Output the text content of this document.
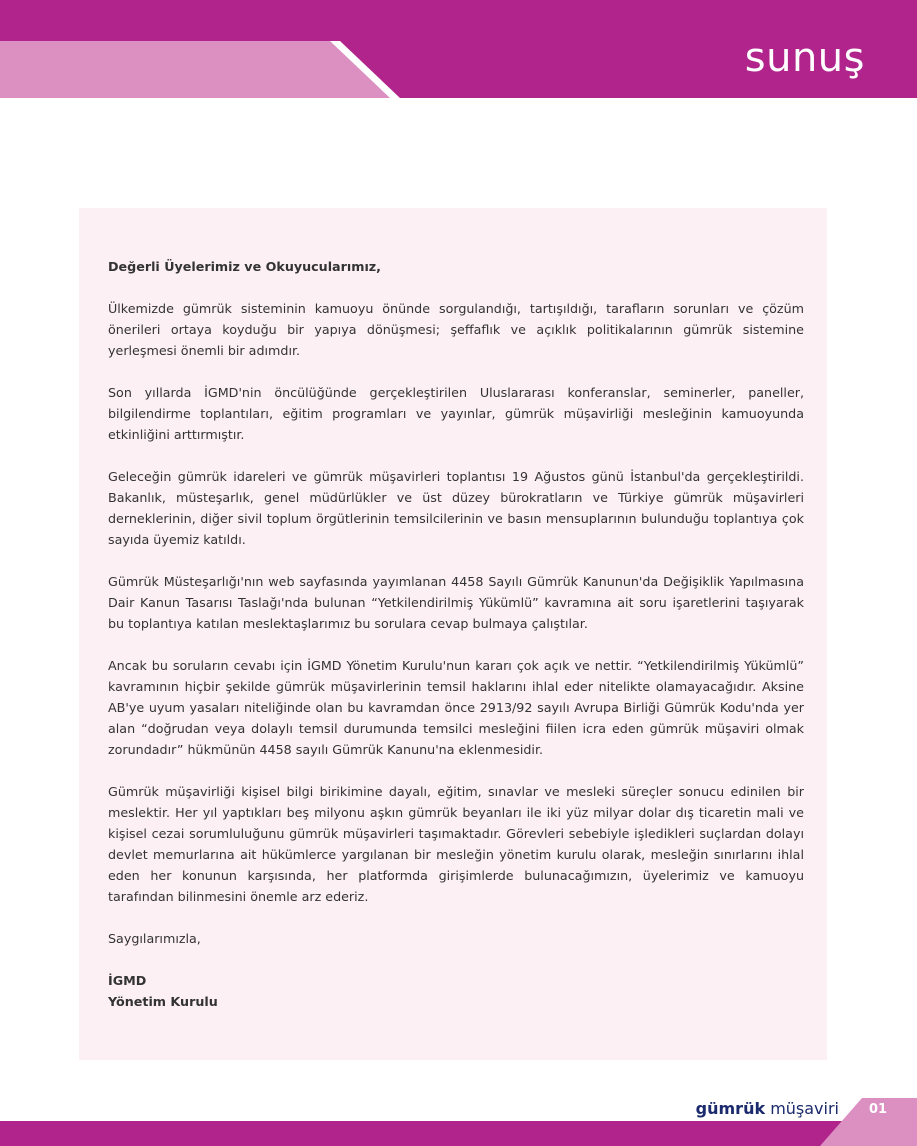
sunuş

Değerli Üyelerimiz ve Okuyucularımız,

Ülkemizde gümrük sisteminin kamuoyu önünde sorgulandığı, tartışıldığı, tarafların sorunları ve çözüm önerileri ortaya koyduğu bir yapıya dönüşmesi; şeffaflık ve açıklık politikalarının gümrük sistemine yerleşmesi önemli bir adımdır.

Son yıllarda İGMD'nin öncülüğünde gerçekleştirilen Uluslararası konferanslar, seminerler, paneller, bilgilendirme toplantıları, eğitim programları ve yayınlar, gümrük müşavirliği mesleğinin kamuoyunda etkinliğini arttırmıştır.

Geleceğin gümrük idareleri ve gümrük müşavirleri toplantısı 19 Ağustos günü İstanbul'da gerçekleştirildi. Bakanlık, müsteşarlık, genel müdürlükler ve üst düzey bürokratların ve Türkiye gümrük müşavirleri derneklerinin, diğer sivil toplum örgütlerinin temsilcilerinin ve basın mensuplarının bulunduğu toplantıya çok sayıda üyemiz katıldı.

Gümrük Müsteşarlığı'nın web sayfasında yayımlanan 4458 Sayılı Gümrük Kanunun'da Değişiklik Yapılmasına Dair Kanun Tasarısı Taslağı'nda bulunan “Yetkilendirilmiş Yükümlü” kavramına ait soru işaretlerini taşıyarak bu toplantıya katılan meslektaşlarımız bu sorulara cevap bulmaya çalıştılar.

Ancak bu soruların cevabı için İGMD Yönetim Kurulu'nun kararı çok açık ve nettir. “Yetkilendirilmiş Yükümlü” kavramının hiçbir şekilde gümrük müşavirlerinin temsil haklarını ihlal eder nitelikte olamayacağıdır. Aksine AB'ye uyum yasaları niteliğinde olan bu kavramdan önce 2913/92 sayılı Avrupa Birliği Gümrük Kodu'nda yer alan “doğrudan veya dolaylı temsil durumunda temsilci mesleğini fiilen icra eden gümrük müşaviri olmak zorundadır” hükmünün 4458 sayılı Gümrük Kanunu'na eklenmesidir.

Gümrük müşavirliği kişisel bilgi birikimine dayalı, eğitim, sınavlar ve mesleki süreçler sonucu edinilen bir meslektir. Her yıl yaptıkları beş milyonu aşkın gümrük beyanları ile iki yüz milyar dolar dış ticaretin mali ve kişisel cezai sorumluluğunu gümrük müşavirleri taşımaktadır. Görevleri sebebiyle işledikleri suçlardan dolayı devlet memurlarına ait hükümlerce yargılanan bir mesleğin yönetim kurulu olarak, mesleğin sınırlarını ihlal eden her konunun karşısında, her platformda girişimlerde bulunacağımızın, üyelerimiz ve kamuoyu tarafından bilinmesini önemle arz ederiz.

Saygılarımızla,

İGMD

Yönetim Kurulu

gümrük müşaviri	01
